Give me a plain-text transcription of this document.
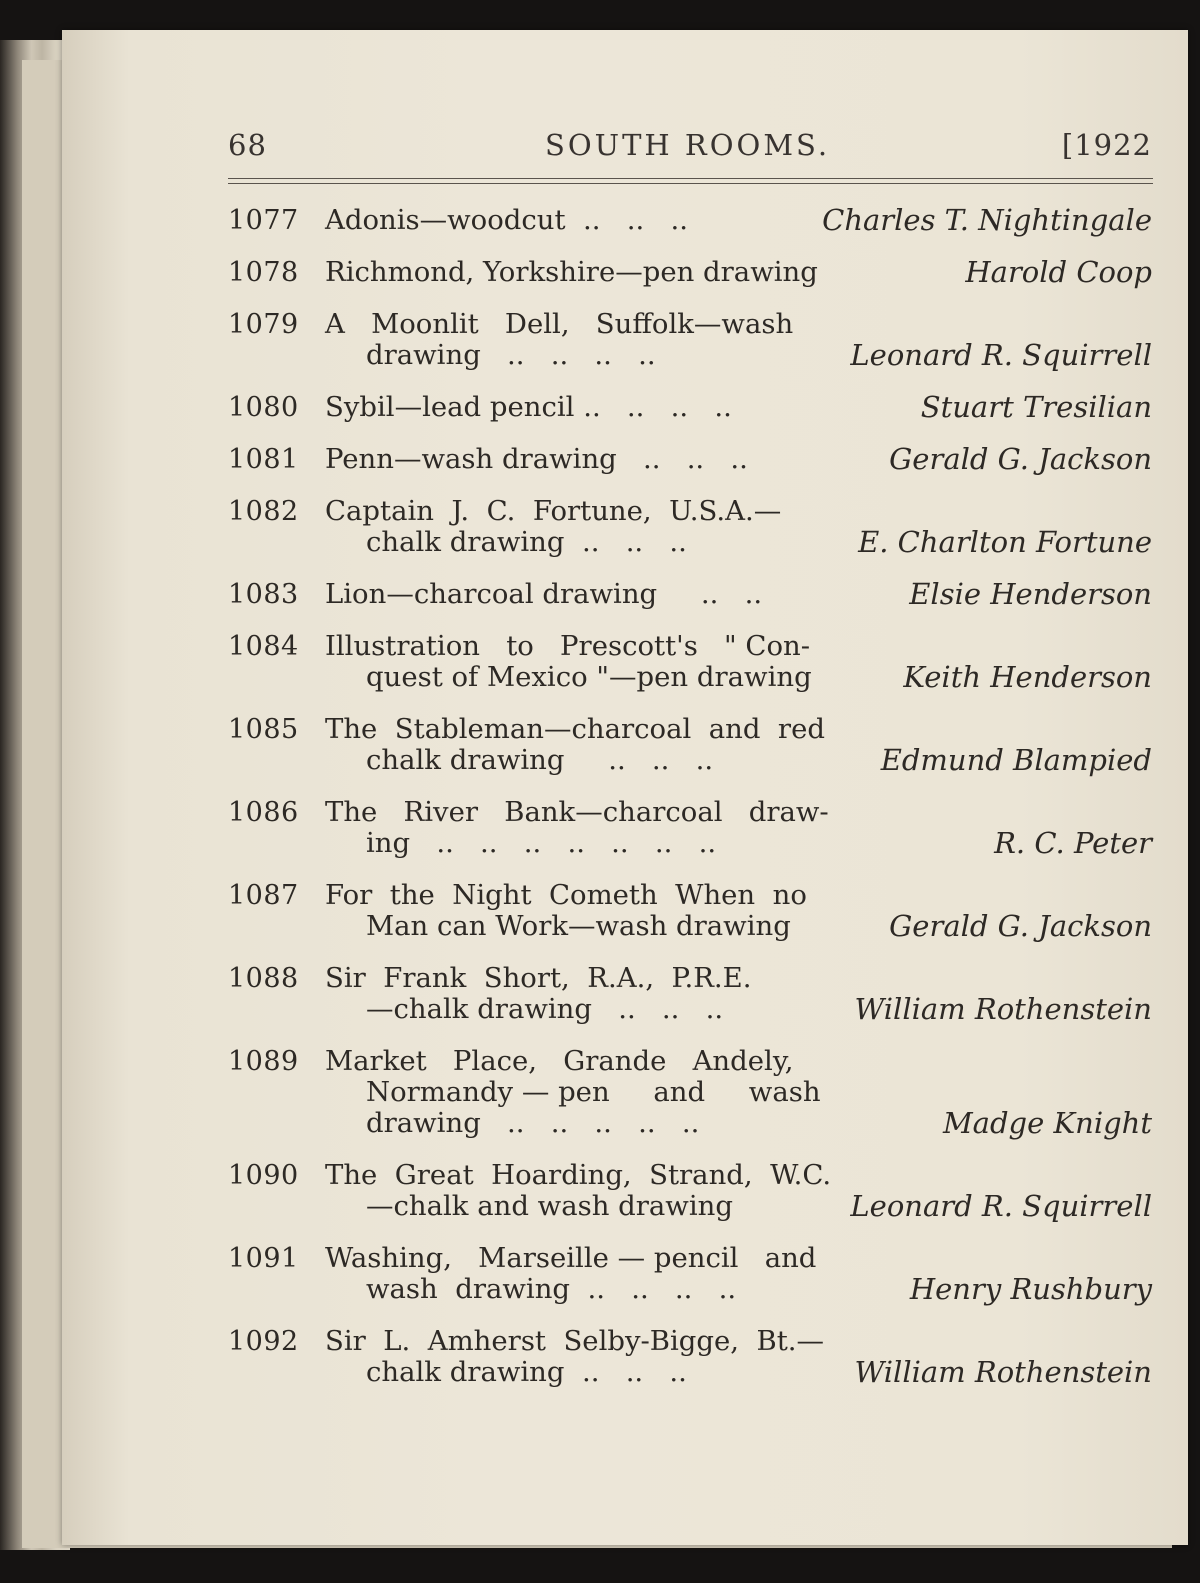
68	SOUTH ROOMS.	[1922
1077 Adonis—woodcut  ..   ..   ..	Charles T. Nightingale
1078 Richmond, Yorkshire—pen drawing	Harold Coop
1079 A   Moonlit   Dell,   Suffolk—wash
drawing   ..   ..   ..   ..	Leonard R. Squirrell
1080 Sybil—lead pencil ..   ..   ..   ..	Stuart Tresilian
1081 Penn—wash drawing   ..   ..   ..	Gerald G. Jackson
1082 Captain  J.  C.  Fortune,  U.S.A.—
chalk drawing  ..   ..   ..	E. Charlton Fortune
1083 Lion—charcoal drawing     ..   ..	Elsie Henderson
1084 Illustration   to   Prescott's   " Con-
quest of Mexico "—pen drawing	Keith Henderson
1085 The  Stableman—charcoal  and  red
chalk drawing     ..   ..   ..	Edmund Blampied
1086 The   River   Bank—charcoal   draw-
ing   ..   ..   ..   ..   ..   ..   ..	R. C. Peter
1087 For  the  Night  Cometh  When  no
Man can Work—wash drawing	Gerald G. Jackson
1088 Sir  Frank  Short,  R.A.,  P.R.E.
—chalk drawing   ..   ..   ..	William Rothenstein
1089 Market   Place,   Grande   Andely,
Normandy — pen     and     wash
drawing   ..   ..   ..   ..   ..	Madge Knight
1090 The  Great  Hoarding,  Strand,  W.C.
—chalk and wash drawing	Leonard R. Squirrell
1091 Washing,   Marseille — pencil   and
wash  drawing  ..   ..   ..   ..	Henry Rushbury
1092 Sir  L.  Amherst  Selby-Bigge,  Bt.—
chalk drawing  ..   ..   ..	William Rothenstein
